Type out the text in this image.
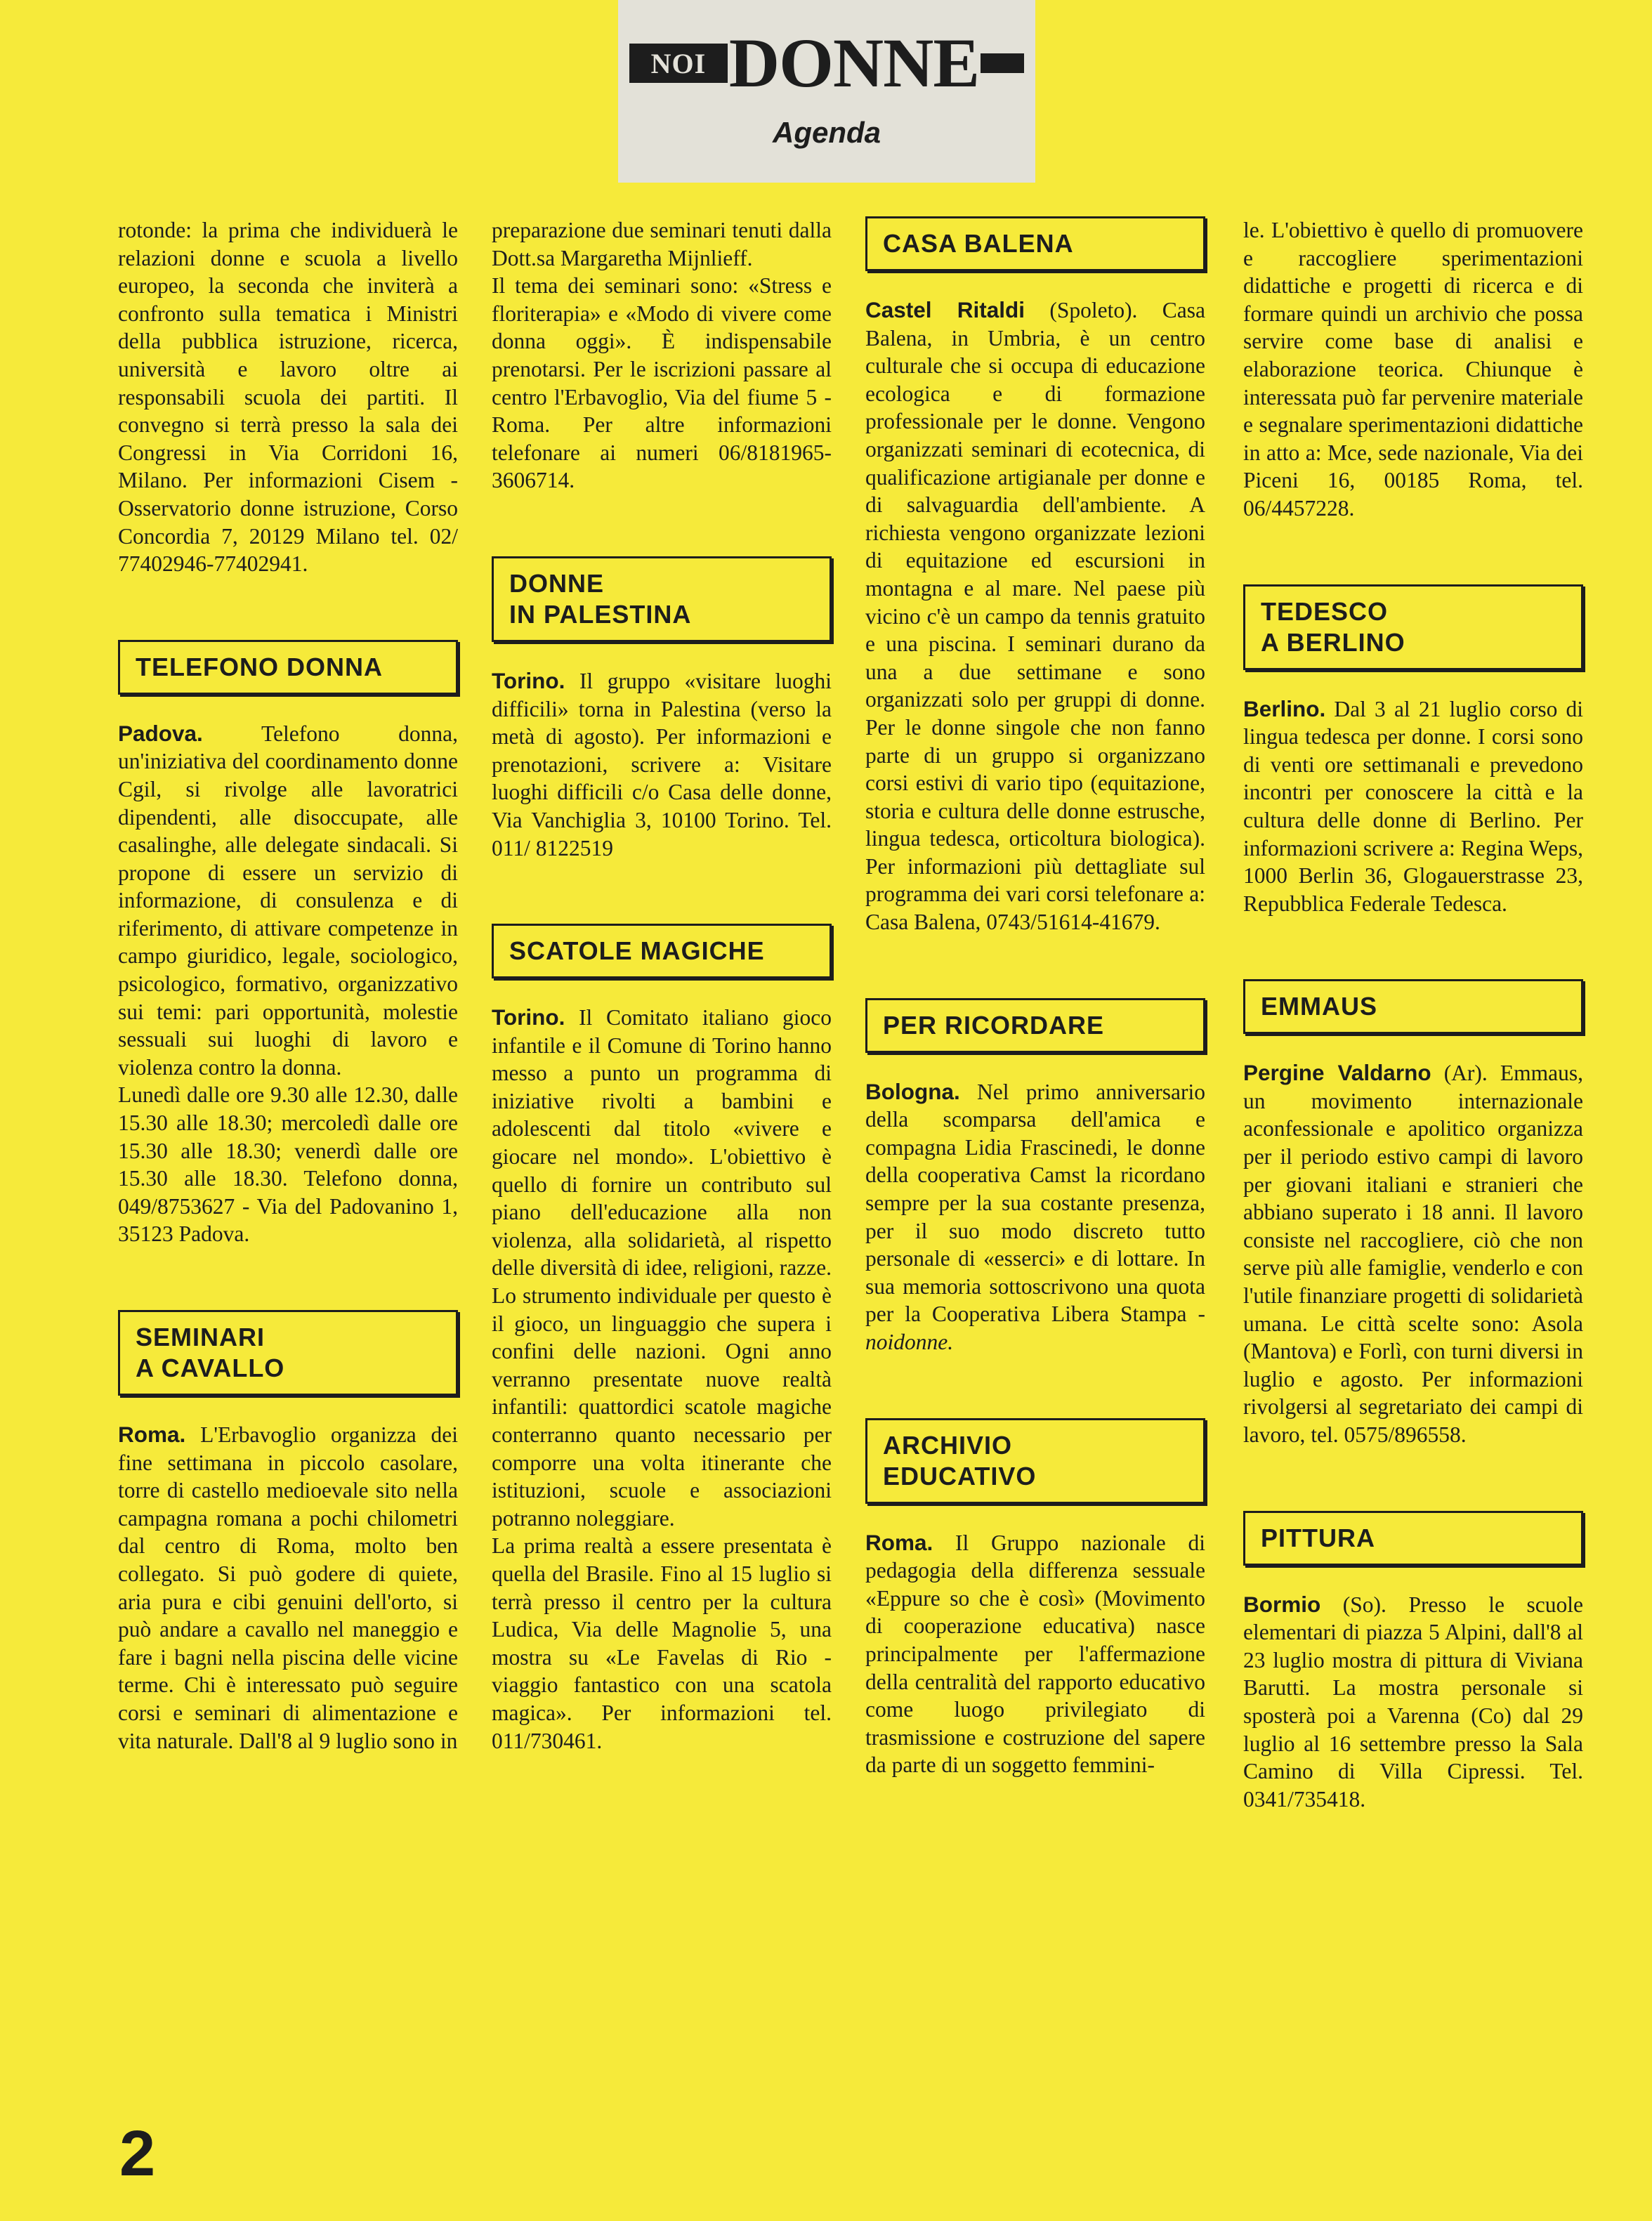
NOI DONNE
Agenda

rotonde: la prima che individuerà le relazioni donne e scuola a livello europeo, la seconda che inviterà a confronto sulla tematica i Ministri della pubblica istruzione, ricerca, università e lavoro oltre ai responsabili scuola dei partiti. Il convegno si terrà presso la sala dei Congressi in Via Corridoni 16, Milano. Per informazioni Cisem - Osservatorio donne istruzione, Corso Concordia 7, 20129 Milano tel. 02/ 77402946-77402941.

TELEFONO DONNA

Padova.	Telefono donna, un'iniziativa del coordinamento donne Cgil, si rivolge alle lavoratrici dipendenti, alle disoccupate, alle casalinghe, alle delegate sindacali. Si propone di essere un servizio di informazione, di consulenza e di riferimento, di attivare competenze in campo giuridico, legale, sociologico, psicologico, formativo, organizzativo sui temi: pari opportunità, molestie sessuali sui luoghi di lavoro e violenza contro la donna.

Lunedì dalle ore 9.30 alle 12.30, dalle 15.30 alle 18.30; mercoledì dalle ore 15.30 alle 18.30; venerdì dalle ore 15.30 alle 18.30. Telefono donna, 049/8753627 - Via del Padovanino 1, 35123 Padova.

SEMINARI
A CAVALLO

Roma. L'Erbavoglio organizza dei fine settimana in piccolo casolare, torre di castello medioevale sito nella campagna romana a pochi chilometri dal centro di Roma, molto ben collegato. Si può godere di quiete, aria pura e cibi genuini dell'orto, si può andare a cavallo nel maneggio e fare i bagni nella piscina delle vicine terme. Chi è interessato può seguire corsi e seminari di alimentazione e vita naturale. Dall'8 al 9 luglio sono in

preparazione due seminari tenuti dalla Dott.sa Margaretha Mijnlieff.

Il tema dei seminari sono: «Stress e floriterapia» e «Modo di vivere come donna oggi». È indispensabile prenotarsi. Per le iscrizioni passare al centro l'Erbavoglio, Via del fiume 5 - Roma. Per altre informazioni telefonare ai numeri 06/8181965-3606714.

DONNE
IN PALESTINA

Torino. Il gruppo «visitare luoghi difficili» torna in Palestina (verso la metà di agosto). Per informazioni e prenotazioni, scrivere a: Visitare luoghi difficili c/o Casa delle donne, Via Vanchiglia 3, 10100 Torino. Tel. 011/ 8122519

SCATOLE MAGICHE

Torino. Il Comitato italiano gioco infantile e il Comune di Torino hanno messo a punto un programma di iniziative rivolti a bambini e adolescenti dal titolo «vivere e giocare nel mondo». L'obiettivo è quello di fornire un contributo sul piano dell'educazione alla non violenza, alla solidarietà, al rispetto delle diversità di idee, religioni, razze. Lo strumento individuale per questo è il gioco, un linguaggio che supera i confini delle nazioni. Ogni anno verranno presentate nuove realtà infantili: quattordici scatole magiche conterranno quanto necessario per comporre una volta itinerante che istituzioni, scuole e associazioni potranno noleggiare.

La prima realtà a essere presentata è quella del Brasile. Fino al 15 luglio si terrà presso il centro per la cultura Ludica, Via delle Magnolie 5, una mostra su «Le Favelas di Rio - viaggio fantastico con una scatola magica». Per informazioni tel. 011/730461.

CASA BALENA

Castel Ritaldi (Spoleto). Casa Balena, in Umbria, è un centro culturale che si occupa di educazione ecologica e di formazione professionale per le donne. Vengono organizzati seminari di ecotecnica, di qualificazione artigianale per donne e di salvaguardia dell'ambiente. A richiesta vengono organizzate lezioni di equitazione ed escursioni in montagna e al mare. Nel paese più vicino c'è un campo da tennis gratuito e una piscina. I seminari durano da una a due settimane e sono organizzati solo per gruppi di donne. Per le donne singole che non fanno parte di un gruppo si organizzano corsi estivi di vario tipo (equitazione, storia e cultura delle donne estrusche, lingua tedesca, orticoltura biologica). Per informazioni più dettagliate sul programma dei vari corsi telefonare a: Casa Balena, 0743/51614-41679.

PER RICORDARE

Bologna. Nel primo anniversario della scomparsa dell'amica e compagna Lidia Frascinedi, le donne della cooperativa Camst la ricordano sempre per la sua costante presenza, per il suo modo discreto tutto personale di «esserci» e di lottare. In sua memoria sottoscrivono una quota per la Cooperativa Libera Stampa - noidonne.

ARCHIVIO
EDUCATIVO

Roma. Il Gruppo nazionale di pedagogia della differenza sessuale «Eppure so che è così» (Movimento di cooperazione educativa) nasce principalmente per l'affermazione della centralità del rapporto educativo come luogo privilegiato di trasmissione e costruzione del sapere da parte di un soggetto femmini-

le. L'obiettivo è quello di promuovere e raccogliere sperimentazioni didattiche e progetti di ricerca e di formare quindi un archivio che possa servire come base di analisi e elaborazione teorica. Chiunque è interessata può far pervenire materiale e segnalare sperimentazioni didattiche in atto a: Mce, sede nazionale, Via dei Piceni 16, 00185 Roma, tel. 06/4457228.

TEDESCO
A BERLINO

Berlino. Dal 3 al 21 luglio corso di lingua tedesca per donne. I corsi sono di venti ore settimanali e prevedono incontri per conoscere la città e la cultura delle donne di Berlino. Per informazioni scrivere a: Regina Weps, 1000 Berlin 36, Glogauerstrasse 23, Repubblica Federale Tedesca.

EMMAUS

Pergine Valdarno (Ar). Emmaus, un movimento internazionale aconfessionale e apolitico organizza per il periodo estivo campi di lavoro per giovani italiani e stranieri che abbiano superato i 18 anni. Il lavoro consiste nel raccogliere, ciò che non serve più alle famiglie, venderlo e con l'utile finanziare progetti di solidarietà umana. Le città scelte sono: Asola (Mantova) e Forlì, con turni diversi in luglio e agosto. Per informazioni rivolgersi al segretariato dei campi di lavoro, tel. 0575/896558.

PITTURA

Bormio (So). Presso le scuole elementari di piazza 5 Alpini, dall'8 al 23 luglio mostra di pittura di Viviana Barutti. La mostra personale si sposterà poi a Varenna (Co) dal 29 luglio al 16 settembre presso la Sala Camino di Villa Cipressi. Tel. 0341/735418.

2
